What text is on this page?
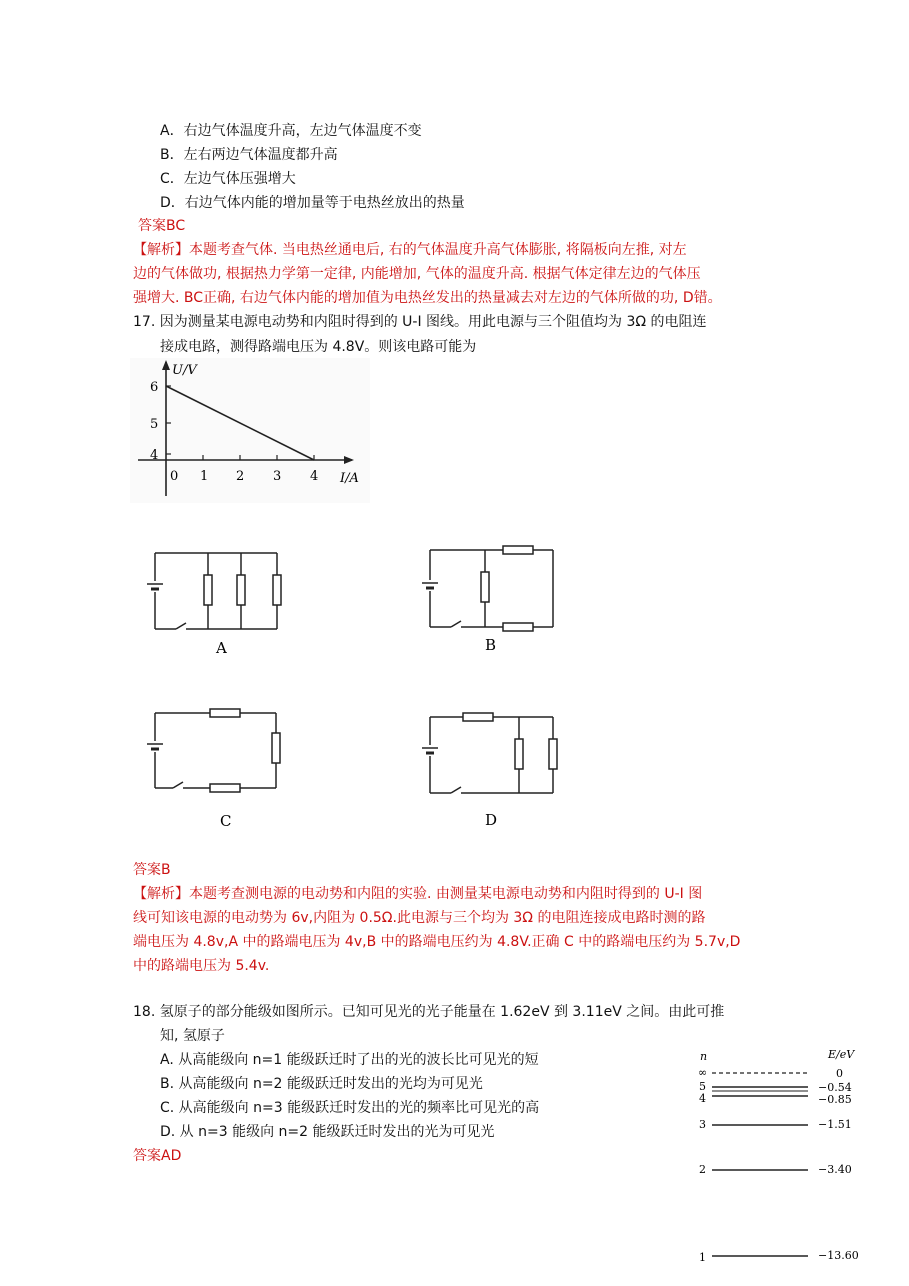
A．右边气体温度升高，左边气体温度不变
B．左右两边气体温度都升高
C．左边气体压强增大
D．右边气体内能的增加量等于电热丝放出的热量
答案BC
【解析】本题考查气体. 当电热丝通电后, 右的气体温度升高气体膨胀, 将隔板向左推, 对左
边的气体做功, 根据热力学第一定律, 内能增加, 气体的温度升高. 根据气体定律左边的气体压
强增大. BC正确, 右边气体内能的增加值为电热丝发出的热量减去对左边的气体所做的功, D错。
17. 因为测量某电源电动势和内阻时得到的 U-I 图线。用此电源与三个阻值均为 3Ω 的电阻连
接成电路，测得路端电压为 4.8V。则该电路可能为
U/V
6
5
4
0 1 2 3 4 I/A
A	B
C	D
答案B
【解析】本题考查测电源的电动势和内阻的实验. 由测量某电源电动势和内阻时得到的 U-I 图
线可知该电源的电动势为 6v,内阻为 0.5Ω.此电源与三个均为 3Ω 的电阻连接成电路时测的路
端电压为 4.8v,A 中的路端电压为 4v,B 中的路端电压约为 4.8V.正确 C 中的路端电压约为 5.7v,D
中的路端电压为 5.4v.
18. 氢原子的部分能级如图所示。已知可见光的光子能量在 1.62eV 到 3.11eV 之间。由此可推
知, 氢原子
A. 从高能级向 n=1 能级跃迁时了出的光的波长比可见光的短
B. 从高能级向 n=2 能级跃迁时发出的光均为可见光
C. 从高能级向 n=3 能级跃迁时发出的光的频率比可见光的高
D. 从 n=3 能级向 n=2 能级跃迁时发出的光为可见光
答案AD
n	E/eV
∞	0
5	−0.54
4	−0.85
3	−1.51
2	−3.40
1	−13.60
